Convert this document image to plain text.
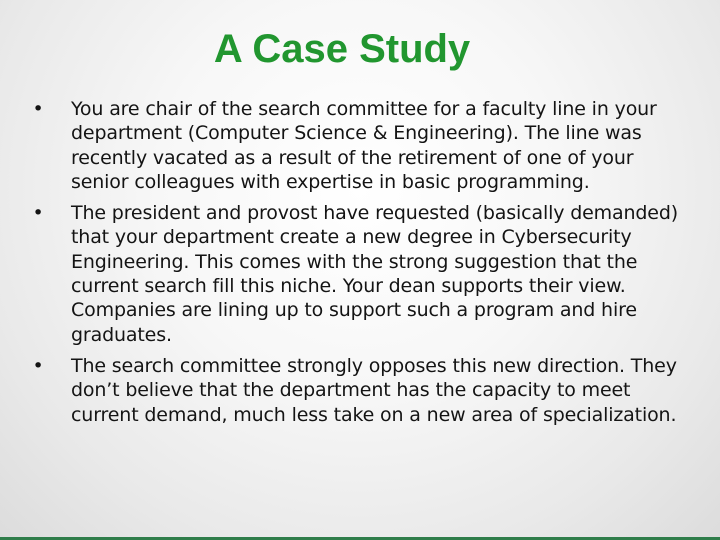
A Case Study
• You are chair of the search committee for a faculty line in your department (Computer Science & Engineering). The line was recently vacated as a result of the retirement of one of your senior colleagues with expertise in basic programming.
• The president and provost have requested (basically demanded) that your department create a new degree in Cybersecurity Engineering. This comes with the strong suggestion that the current search fill this niche. Your dean supports their view. Companies are lining up to support such a program and hire graduates.
• The search committee strongly opposes this new direction. They don’t believe that the department has the capacity to meet current demand, much less take on a new area of specialization.
